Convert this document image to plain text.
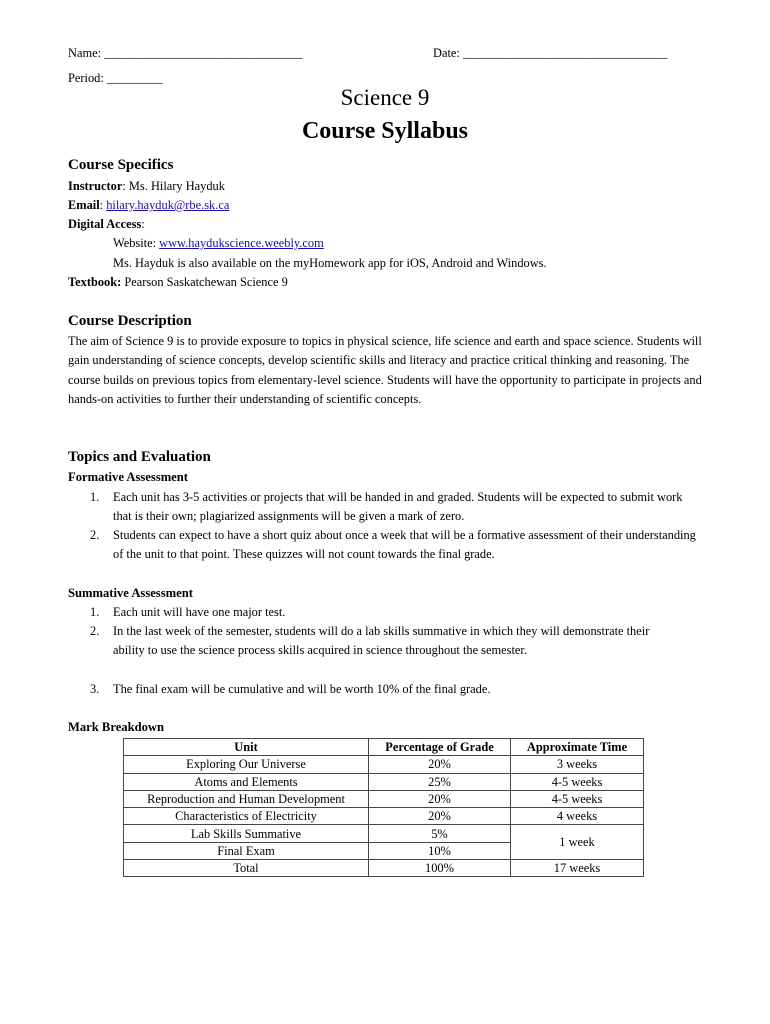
Name: ________________________________	Date: _________________________________
Period: _________
Science 9
Course Syllabus
Course Specifics
Instructor: Ms. Hilary Hayduk
Email: hilary.hayduk@rbe.sk.ca
Digital Access:
Website: www.haydukscience.weebly.com
Ms. Hayduk is also available on the myHomework app for iOS, Android and Windows.
Textbook: Pearson Saskatchewan Science 9
Course Description
The aim of Science 9 is to provide exposure to topics in physical science, life science and earth and space science. Students will gain understanding of science concepts, develop scientific skills and literacy and practice critical thinking and reasoning. The course builds on previous topics from elementary-level science. Students will have the opportunity to participate in projects and hands-on activities to further their understanding of scientific concepts.
Topics and Evaluation
Formative Assessment
1. Each unit has 3-5 activities or projects that will be handed in and graded. Students will be expected to submit work that is their own; plagiarized assignments will be given a mark of zero.
2. Students can expect to have a short quiz about once a week that will be a formative assessment of their understanding of the unit to that point. These quizzes will not count towards the final grade.
Summative Assessment
1. Each unit will have one major test.
2. In the last week of the semester, students will do a lab skills summative in which they will demonstrate their ability to use the science process skills acquired in science throughout the semester.
3. The final exam will be cumulative and will be worth 10% of the final grade.
Mark Breakdown
Unit	Percentage of Grade	Approximate Time
Exploring Our Universe	20%	3 weeks
Atoms and Elements	25%	4-5 weeks
Reproduction and Human Development	20%	4-5 weeks
Characteristics of Electricity	20%	4 weeks
Lab Skills Summative	5%	1 week
Final Exam	10%	
Total	100%	17 weeks
